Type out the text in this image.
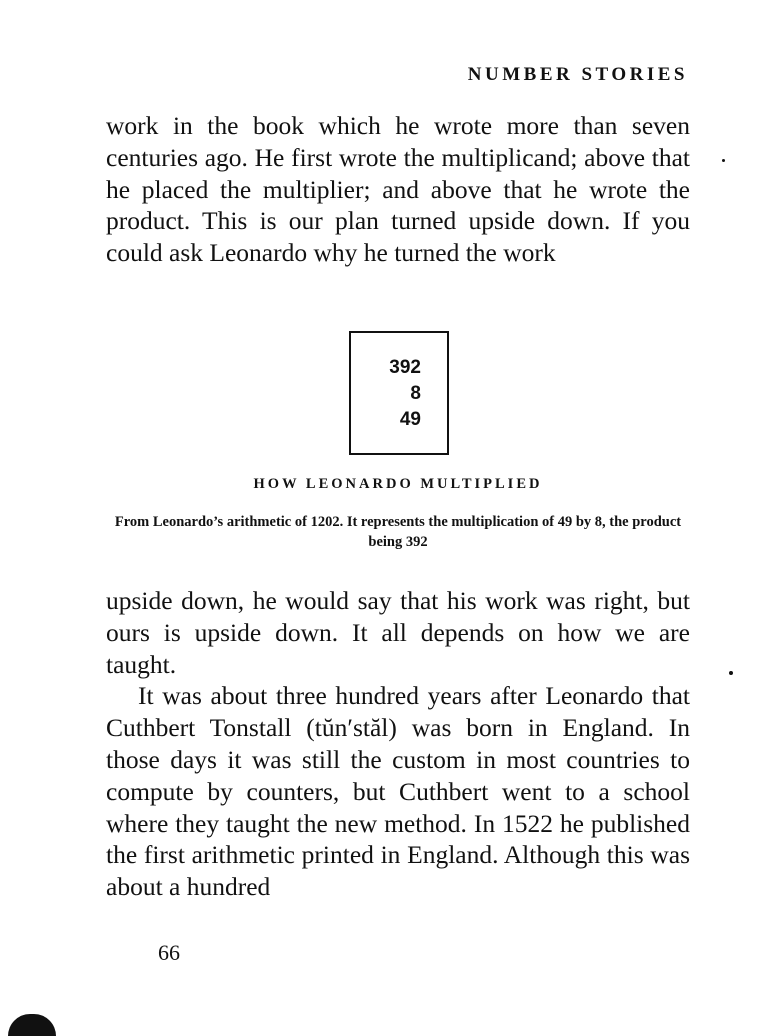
NUMBER STORIES

work in the book which he wrote more than seven centuries ago. He first wrote the multiplicand; above that he placed the multiplier; and above that he wrote the product. This is our plan turned upside down. If you could ask Leonardo why he turned the work

392
8
49
HOW LEONARDO MULTIPLIED
From Leonardo’s arithmetic of 1202. It represents the multiplication of 49 by 8, the product being 392

upside down, he would say that his work was right, but ours is upside down. It all depends on how we are taught.

It was about three hundred years after Leonardo that Cuthbert Tonstall (tŭn′stăl) was born in England. In those days it was still the custom in most countries to compute by counters, but Cuthbert went to a school where they taught the new method. In 1522 he published the first arithmetic printed in England. Although this was about a hundred

66
